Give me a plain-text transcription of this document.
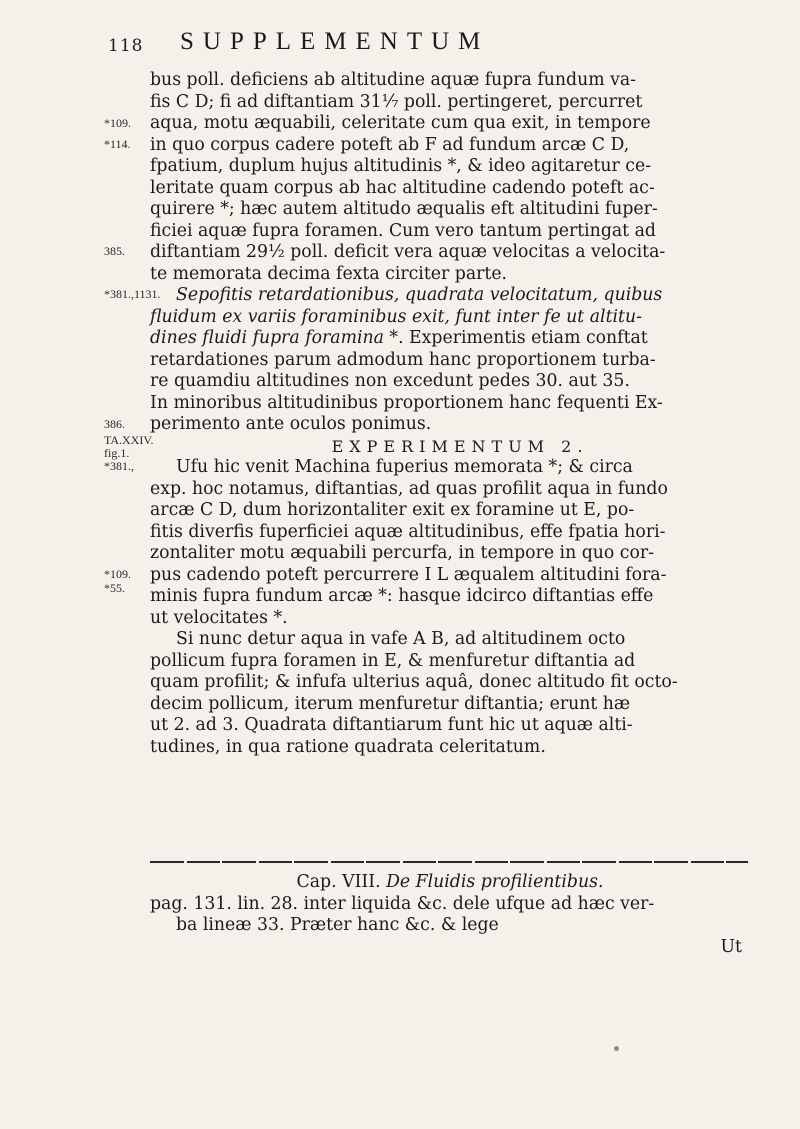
118 SUPPLEMENTUM
*109.
*114.
385.
*381.,1131.
386.
TA.XXIV.
fig.1.
*381.,
*109.
*55.
bus poll. deficiens ab altitudine aquæ fupra fundum va-
fis C D; fi ad diftantiam 31⅟₇ poll. pertingeret, percurret
aqua, motu æquabili, celeritate cum qua exit, in tempore
in quo corpus cadere poteft ab F ad fundum arcæ C D,
fpatium, duplum hujus altitudinis *, & ideo agitaretur ce-
leritate quam corpus ab hac altitudine cadendo poteft ac-
quirere *; hæc autem altitudo æqualis eft altitudini fuper-
ficiei aquæ fupra foramen. Cum vero tantum pertingat ad
diftantiam 29½ poll. deficit vera aquæ velocitas a velocita-
te memorata decima fexta circiter parte.
Sepofitis retardationibus, quadrata velocitatum, quibus
fluidum ex variis foraminibus exit, funt inter fe ut altitu-
dines fluidi fupra foramina *. Experimentis etiam conftat
retardationes parum admodum hanc proportionem turba-
re quamdiu altitudines non excedunt pedes 30. aut 35.
In minoribus altitudinibus proportionem hanc fequenti Ex-
perimento ante oculos ponimus.
EXPERIMENTUM 2.
Ufu hic venit Machina fuperius memorata *; & circa
exp. hoc notamus, diftantias, ad quas profilit aqua in fundo
arcæ C D, dum horizontaliter exit ex foramine ut E, po-
fitis diverfis fuperficiei aquæ altitudinibus, effe fpatia hori-
zontaliter motu æquabili percurfa, in tempore in quo cor-
pus cadendo poteft percurrere I L æqualem altitudini fora-
minis fupra fundum arcæ *: hasque idcirco diftantias effe
ut velocitates *.
Si nunc detur aqua in vafe A B, ad altitudinem octo
pollicum fupra foramen in E, & menfuretur diftantia ad
quam profilit; & infufa ulterius aquâ, donec altitudo fit octo-
decim pollicum, iterum menfuretur diftantia; erunt hæ
ut 2. ad 3. Quadrata diftantiarum funt hic ut aquæ alti-
tudines, in qua ratione quadrata celeritatum.
Cap. VIII. De Fluidis profilientibus.
pag. 131. lin. 28. inter liquida &c. dele ufque ad hæc ver-
ba lineæ 33. Præter hanc &c. & lege
Ut
